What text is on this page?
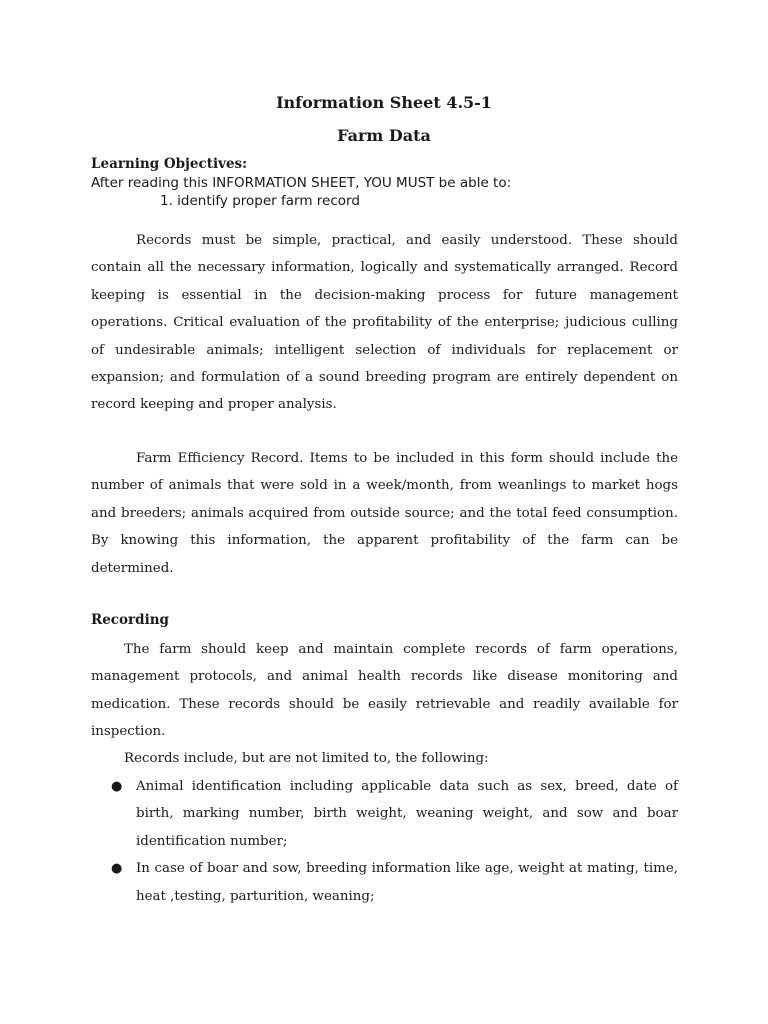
Information Sheet 4.5-1
Farm Data

Learning Objectives:

After reading this INFORMATION SHEET, YOU MUST be able to:

1. identify proper farm record

Records must be simple, practical, and easily understood. These should contain all the necessary information, logically and systematically arranged. Record keeping is essential in the decision-making process for future management operations. Critical evaluation of the profitability of the enterprise; judicious culling of undesirable animals; intelligent selection of individuals for replacement or expansion; and formulation of a sound breeding program are entirely dependent on record keeping and proper analysis.

Farm Efficiency Record. Items to be included in this form should include the number of animals that were sold in a week/month, from weanlings to market hogs and breeders; animals acquired from outside source; and the total feed consumption. By knowing this information, the apparent profitability of the farm can be determined.

Recording

The farm should keep and maintain complete records of farm operations, management protocols, and animal health records like disease monitoring and medication. These records should be easily retrievable and readily available for inspection.

Records include, but are not limited to, the following:

● Animal identification including applicable data such as sex, breed, date of birth, marking number, birth weight, weaning weight, and sow and boar identification number;
● In case of boar and sow, breeding information like age, weight at mating, time, heat ,testing, parturition, weaning;
